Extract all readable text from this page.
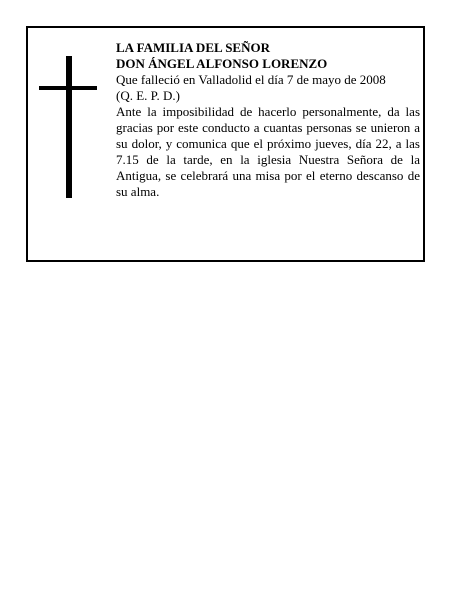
LA FAMILIA DEL SEÑOR

DON ÁNGEL ALFONSO LORENZO

Que falleció en Valladolid el día 7 de mayo de 2008

(Q. E. P. D.)

Ante la imposibilidad de hacerlo personalmente, da las gracias por este conducto a cuantas personas se unieron a su dolor, y comunica que el próximo jueves, día 22, a las 7.15 de la tarde, en la iglesia Nuestra Señora de la Antigua, se celebrará una misa por el eterno descanso de su alma.
